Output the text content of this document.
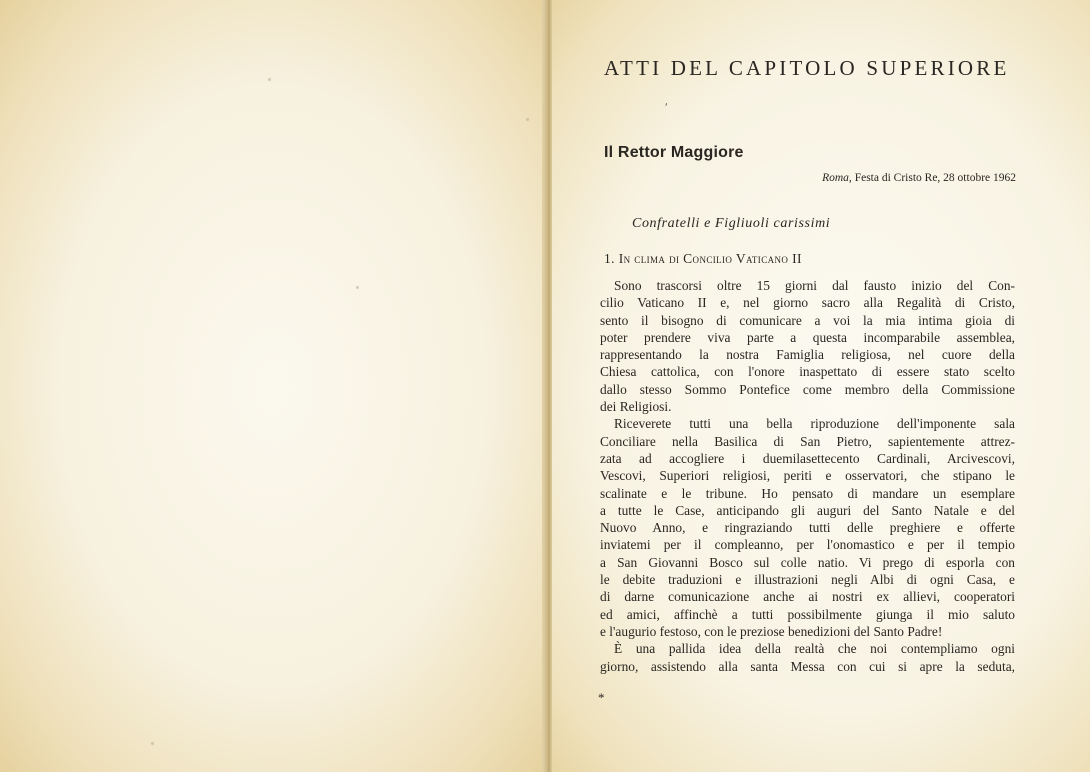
ATTI DEL CAPITOLO SUPERIORE
⸴
Il Rettor Maggiore
Roma, Festa di Cristo Re, 28 ottobre 1962
Confratelli e Figliuoli carissimi
1. In clima di Concilio Vaticano II
Sono trascorsi oltre 15 giorni dal fausto inizio del Con-
cilio Vaticano II e, nel giorno sacro alla Regalità di Cristo,
sento il bisogno di comunicare a voi la mia intima gioia di
poter prendere viva parte a questa incomparabile assemblea,
rappresentando la nostra Famiglia religiosa, nel cuore della
Chiesa cattolica, con l'onore inaspettato di essere stato scelto
dallo stesso Sommo Pontefice come membro della Commissione
dei Religiosi.
Riceverete tutti una bella riproduzione dell'imponente sala
Conciliare nella Basilica di San Pietro, sapientemente attrez-
zata ad accogliere i duemilasettecento Cardinali, Arcivescovi,
Vescovi, Superiori religiosi, periti e osservatori, che stipano le
scalinate e le tribune. Ho pensato di mandare un esemplare
a tutte le Case, anticipando gli auguri del Santo Natale e del
Nuovo Anno, e ringraziando tutti delle preghiere e offerte
inviatemi per il compleanno, per l'onomastico e per il tempio
a San Giovanni Bosco sul colle natio. Vi prego di esporla con
le debite traduzioni e illustrazioni negli Albi di ogni Casa, e
di darne comunicazione anche ai nostri ex allievi, cooperatori
ed amici, affinchè a tutti possibilmente giunga il mio saluto
e l'augurio festoso, con le preziose benedizioni del Santo Padre!
È una pallida idea della realtà che noi contempliamo ogni
giorno, assistendo alla santa Messa con cui si apre la seduta,
*
